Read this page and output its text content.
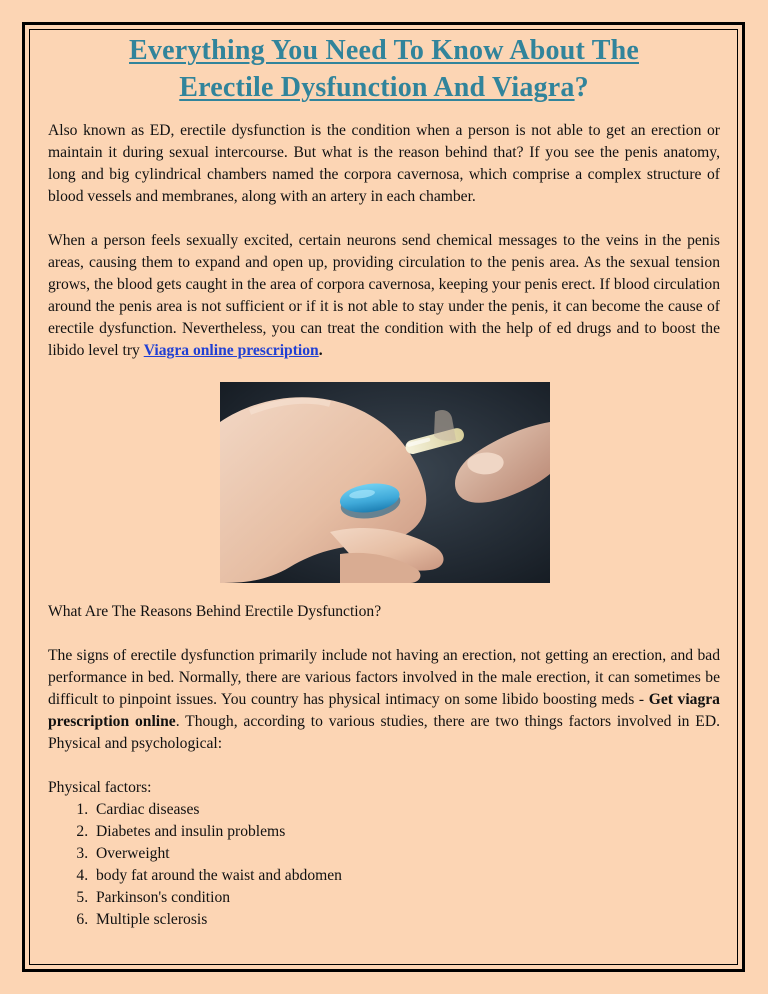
Everything You Need To Know About The
Erectile Dysfunction And Viagra?

Also known as ED, erectile dysfunction is the condition when a person is not able to get an erection or maintain it during sexual intercourse. But what is the reason behind that? If you see the penis anatomy, long and big cylindrical chambers named the corpora cavernosa, which comprise a complex structure of blood vessels and membranes, along with an artery in each chamber.

When a person feels sexually excited, certain neurons send chemical messages to the veins in the penis areas, causing them to expand and open up, providing circulation to the penis area. As the sexual tension grows, the blood gets caught in the area of corpora cavernosa, keeping your penis erect. If blood circulation around the penis area is not sufficient or if it is not able to stay under the penis, it can become the cause of erectile dysfunction. Nevertheless, you can treat the condition with the help of ed drugs and to boost the libido level try Viagra online prescription.

What Are The Reasons Behind Erectile Dysfunction?

The signs of erectile dysfunction primarily include not having an erection, not getting an erection, and bad performance in bed. Normally, there are various factors involved in the male erection, it can sometimes be difficult to pinpoint issues. You country has physical intimacy on some libido boosting meds - Get viagra prescription online. Though, according to various studies, there are two things factors involved in ED. Physical and psychological:

Physical factors:

1. Cardiac diseases
2. Diabetes and insulin problems
3. Overweight
4. body fat around the waist and abdomen
5. Parkinson's condition
6. Multiple sclerosis
